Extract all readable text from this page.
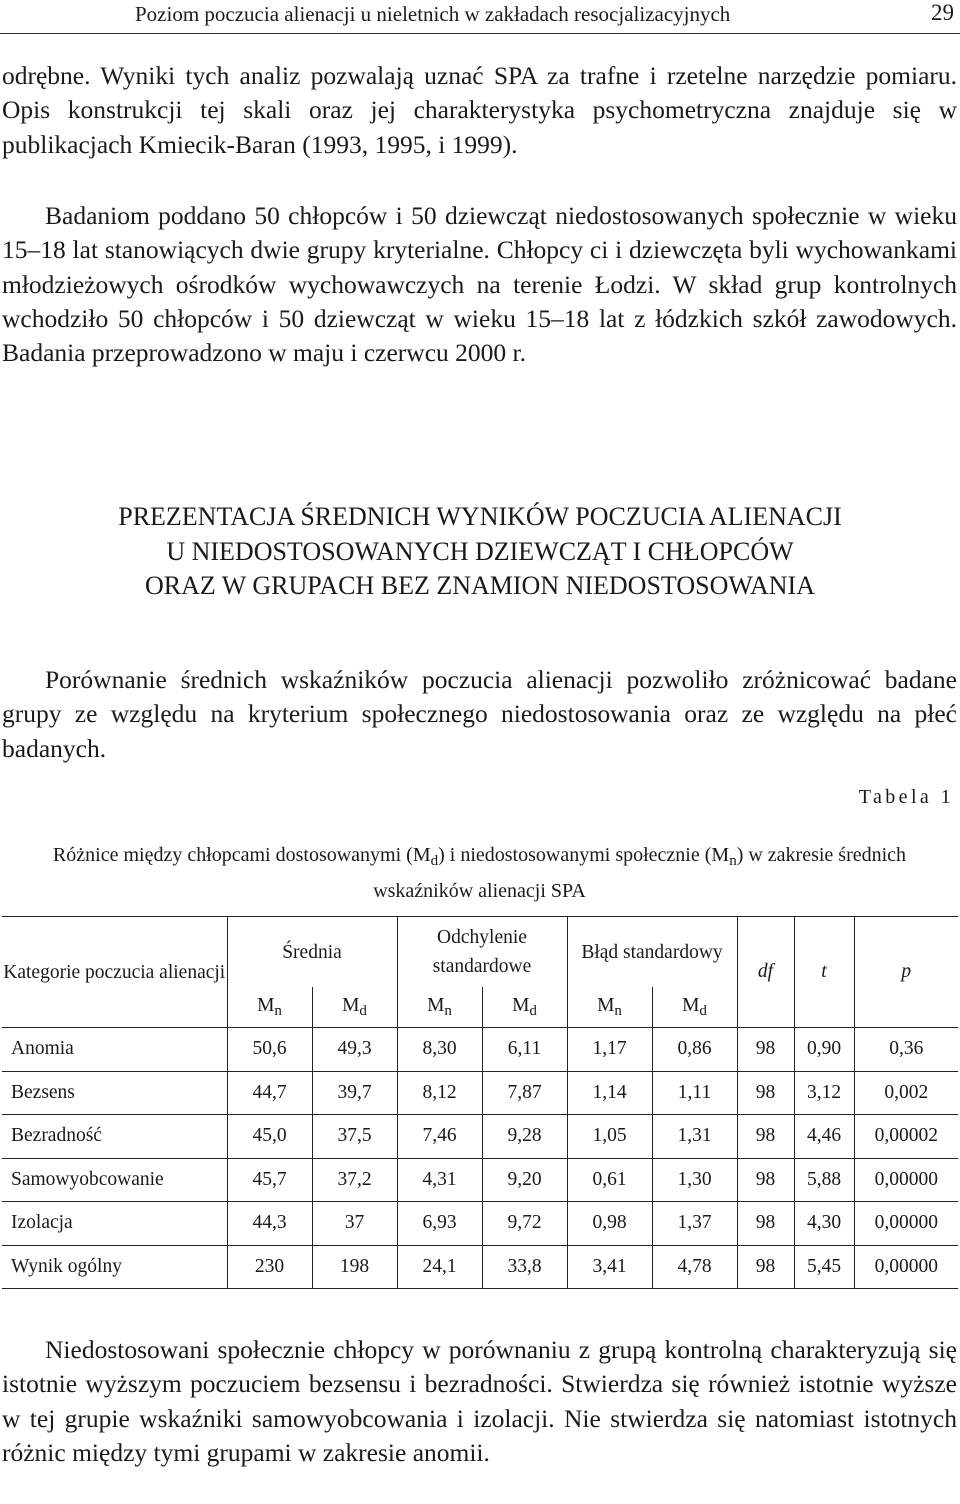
Poziom poczucia alienacji u nieletnich w zakładach resocjalizacyjnych	29

odrębne. Wyniki tych analiz pozwalają uznać SPA za trafne i rzetelne narzędzie pomiaru. Opis konstrukcji tej skali oraz jej charakterystyka psychometryczna znajduje się w publikacjach Kmiecik-Baran (1993, 1995, i 1999).

Badaniom poddano 50 chłopców i 50 dziewcząt niedostosowanych społecznie w wieku 15–18 lat stanowiących dwie grupy kryterialne. Chłopcy ci i dziewczęta byli wychowankami młodzieżowych ośrodków wychowawczych na terenie Łodzi. W skład grup kontrolnych wchodziło 50 chłopców i 50 dziewcząt w wieku 15–18 lat z łódzkich szkół zawodowych. Badania przeprowadzono w maju i czerwcu 2000 r.

PREZENTACJA ŚREDNICH WYNIKÓW POCZUCIA ALIENACJI
U NIEDOSTOSOWANYCH DZIEWCZĄT I CHŁOPCÓW
ORAZ W GRUPACH BEZ ZNAMION NIEDOSTOSOWANIA

Porównanie średnich wskaźników poczucia alienacji pozwoliło zróżnicować badane grupy ze względu na kryterium społecznego niedostosowania oraz ze względu na płeć badanych.

Tabela 1
Różnice między chłopcami dostosowanymi $(M_d)$ i niedostosowanymi społecznie $(M_n)$ w zakresie średnich wskaźników alienacji SPA
Kategorie poczucia alienacji	Średnia		Odchylenie standardowe		Błąd standardowy		df	t	p
	$M_n$	$M_d$	$M_n$	$M_d$	$M_n$	$M_d$
Anomia	50,6	49,3	8,30	6,11	1,17	0,86	98	0,90	0,36
Bezsens	44,7	39,7	8,12	7,87	1,14	1,11	98	3,12	0,002
Bezradność	45,0	37,5	7,46	9,28	1,05	1,31	98	4,46	0,00002
Samowyobcowanie	45,7	37,2	4,31	9,20	0,61	1,30	98	5,88	0,00000
Izolacja	44,3	37	6,93	9,72	0,98	1,37	98	4,30	0,00000
Wynik ogólny	230	198	24,1	33,8	3,41	4,78	98	5,45	0,00000

Niedostosowani społecznie chłopcy w porównaniu z grupą kontrolną charakteryzują się istotnie wyższym poczuciem bezsensu i bezradności. Stwierdza się również istotnie wyższe w tej grupie wskaźniki samowyobcowania i izolacji. Nie stwierdza się natomiast istotnych różnic między tymi grupami w zakresie anomii.
